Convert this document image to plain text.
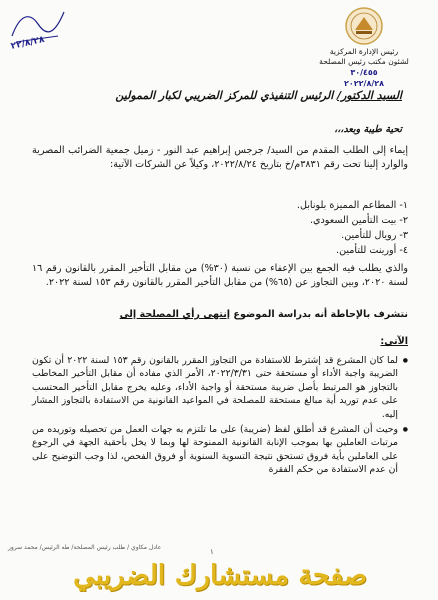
٢٢/٨/٢٨	رئيس الإدارة المركزية
لشئون مكتب رئيس المصلحة
٣٠/٤٥٥
٢٠٢٢/٨/٢٨
السيد الدكتور/ الرئيس التنفيذي للمركز الضريبي لكبار الممولين
تحية طيبة وبعد،،،
إيماء إلى الطلب المقدم من السيد/ جرجس إبراهيم عبد النور - زميل جمعية الضرائب المصرية والوارد إلينا تحت رقم ٣٨٣١م/خ بتاريخ ٢٠٢٢/٨/٢٤، وكيلاً عن الشركات الآتية:
١- المطاعم المميزة بلونابل.
٢- بيت التأمين السعودي.
٣- رويال للتأمين.
٤- أورينت للتأمين.
والذي يطلب فيه الجمع بين الإعفاء من نسبة (٣٠%) من مقابل التأخير المقرر بالقانون رقم ١٦ لسنة ٢٠٢٠، وبين التجاوز عن (٦٥%) من مقابل التأخير المقرر بالقانون رقم ١٥٣ لسنة ٢٠٢٢.
نتشرف بالإحاطة أنه بدراسة الموضوع إنتهى رأي المصلحة إلى
الآتي:
● لما كان المشرع قد إشترط للاستفادة من التجاوز المقرر بالقانون رقم ١٥٣ لسنة ٢٠٢٢ أن تكون الضريبة واجبة الأداء أو مستحقة حتى ٢٠٢٢/٣/٣١، الأمر الذي مفاده أن مقابل التأخير المخاطب بالتجاوز هو المرتبط بأصل ضريبة مستحقة أو واجبة الأداء، وعليه يخرج مقابل التأخير المحتسب على عدم توريد أية مبالغ مستحقة للمصلحة في المواعيد القانونية من الاستفادة بالتجاوز المشار إليه.
● وحيث أن المشرع قد أطلق لفظ (ضريبة) على ما تلتزم به جهات العمل من تحصيله وتوريده من مرتبات العاملين بها بموجب الإنابة القانونية الممنوحة لها وبما لا يخل بأحقية الجهة في الرجوع على العاملين بأية فروق تستحق نتيجة التسوية السنوية أو فروق الفحص، لذا وجب التوضيح على أن عدم الاستفادة من حكم الفقرة
عادل مكاوي / طلب رئيس المصلحة/ طه الرئيس/ محمد سرور
١
صفحة مستشارك الضريبي
